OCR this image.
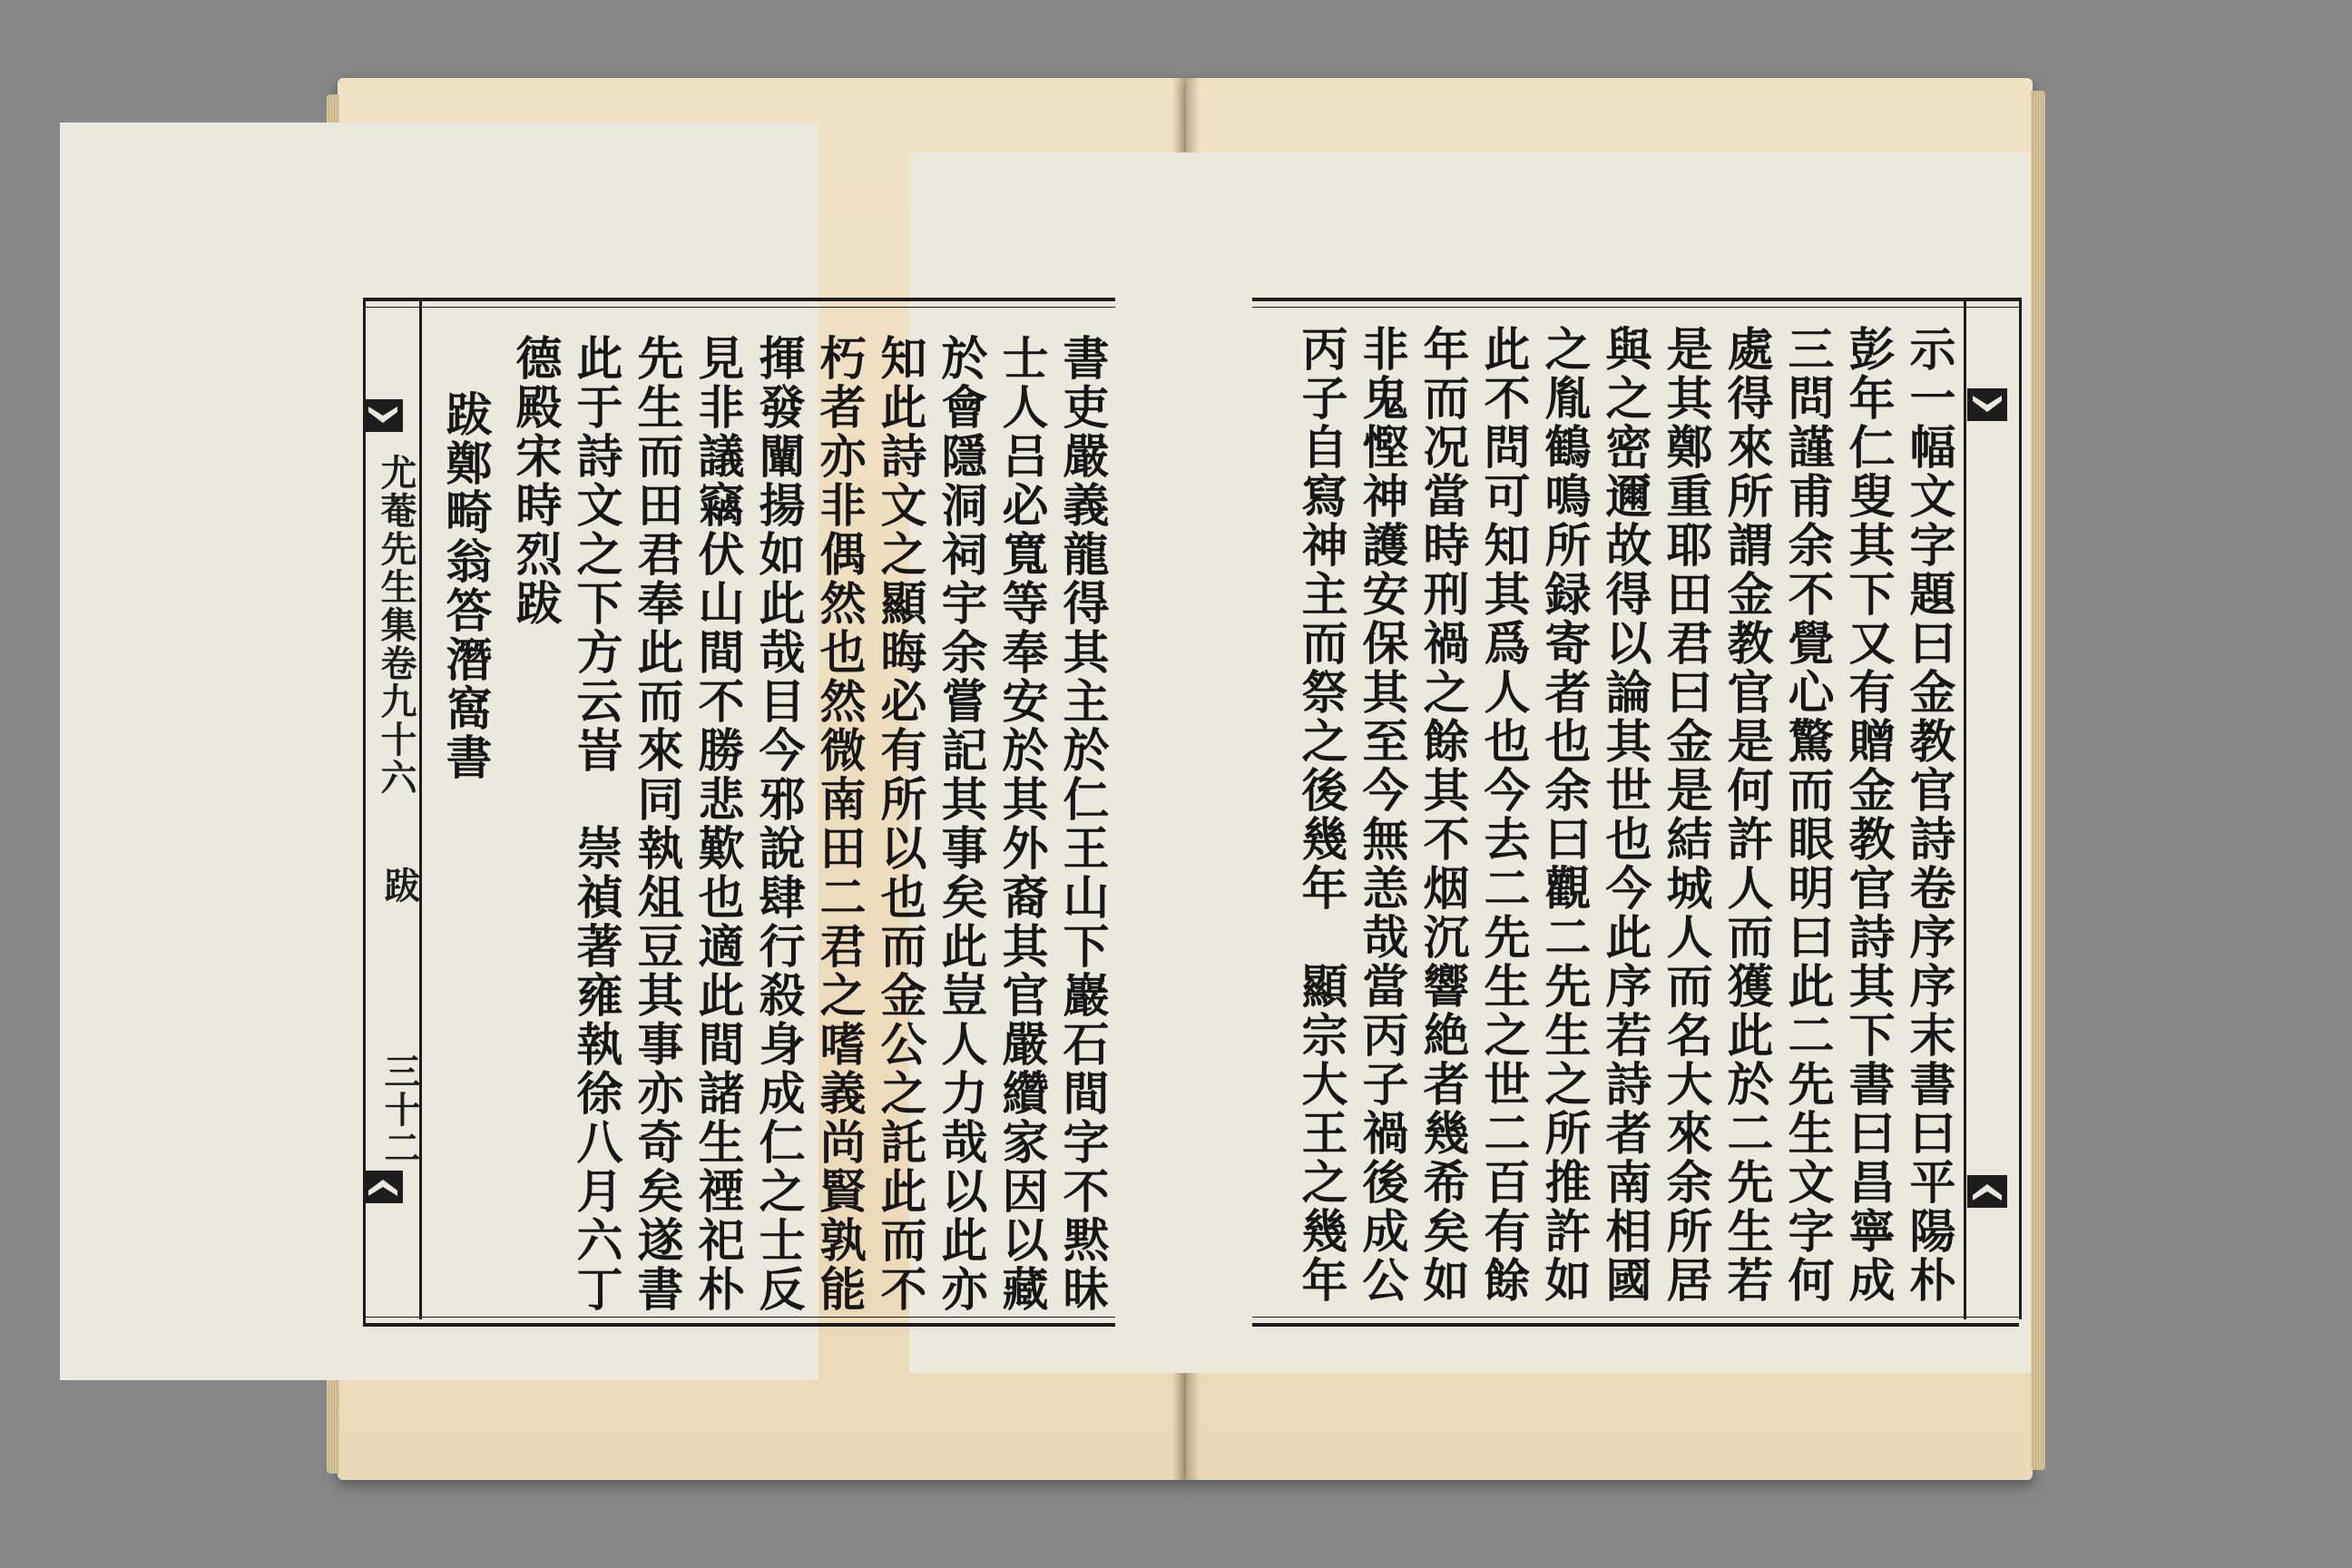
尤菴先生集卷九十六
跋
三十二	書吏嚴義龍得其主於仁王山下巖石間字不黙昧
士人吕必寬等奉安於其外裔其官嚴纘家因以藏
於會隱洞祠宇余嘗記其事矣此豈人力哉以此亦
知此詩文之顯晦必有所以也而金公之託此而不
朽者亦非偶然也然微南田二君之嗜義尚賢孰能
揮發闡揚如此哉目今邪說肆行殺身成仁之士反
見非議竊伏山間不勝悲歎也適此間諸生禋祀朴
先生而田君奉此而來同執俎豆其事亦奇矣遂書
此于詩文之下方云峕　崇禎著雍執徐八月六丁
德殿宋時烈跋
跋鄭畸翁答潛窩書	示一幅文字題曰金教官詩卷序序末書曰平陽朴
彭年仁叟其下又有贈金教官詩其下書曰昌寧成
三問謹甫余不覺心驚而眼明曰此二先生文字何
處得來所謂金教官是何許人而獲此於二先生若
是其鄭重耶田君曰金是結城人而名大來余所居
與之密邇故得以論其世也今此序若詩者南相國
之胤鶴鳴所録寄者也余曰觀二先生之所推許如
此不問可知其爲人也今去二先生之世二百有餘
年而况當時刑禍之餘其不烟沉響絶者幾希矣如
非鬼慳神護安保其至今無恙哉當丙子禍後成公
丙子自寫神主而祭之後幾年　顯宗大王之幾年
